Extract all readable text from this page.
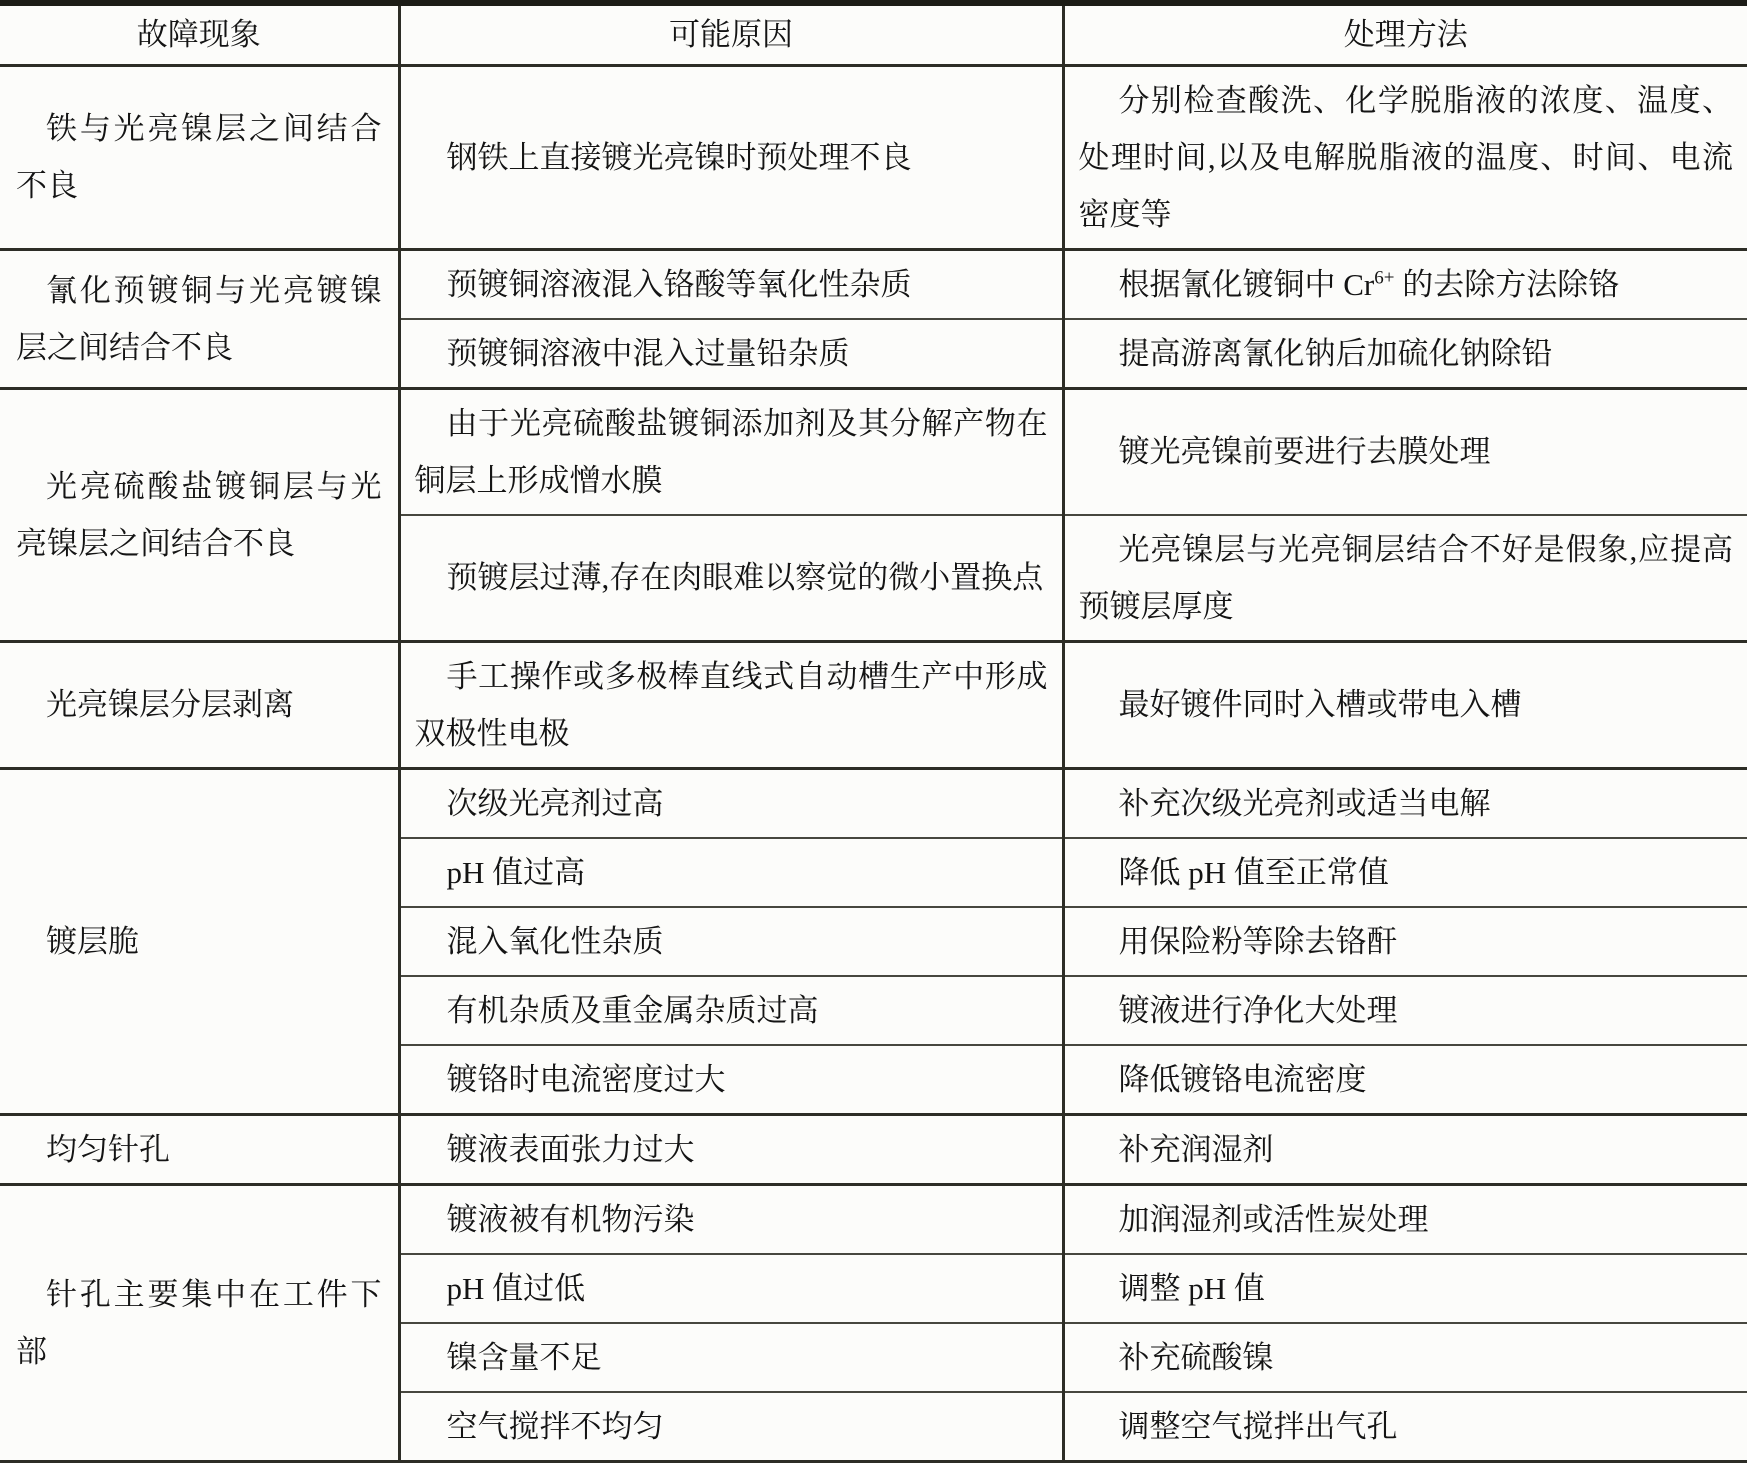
故障现象	可能原因	处理方法
铁与光亮镍层之间结合不良	钢铁上直接镀光亮镍时预处理不良	分别检查酸洗、化学脱脂液的浓度、温度、处理时间,以及电解脱脂液的温度、时间、电流密度等
氰化预镀铜与光亮镀镍层之间结合不良	预镀铜溶液混入铬酸等氧化性杂质	根据氰化镀铜中 $Cr^{6+}$ 的去除方法除铬
	预镀铜溶液中混入过量铅杂质	提高游离氰化钠后加硫化钠除铅
光亮硫酸盐镀铜层与光亮镍层之间结合不良	由于光亮硫酸盐镀铜添加剂及其分解产物在铜层上形成憎水膜	镀光亮镍前要进行去膜处理
	预镀层过薄,存在肉眼难以察觉的微小置换点	光亮镍层与光亮铜层结合不好是假象,应提高预镀层厚度
光亮镍层分层剥离	手工操作或多极棒直线式自动槽生产中形成双极性电极	最好镀件同时入槽或带电入槽
镀层脆	次级光亮剂过高	补充次级光亮剂或适当电解
	pH 值过高	降低 pH 值至正常值
	混入氧化性杂质	用保险粉等除去铬酐
	有机杂质及重金属杂质过高	镀液进行净化大处理
	镀铬时电流密度过大	降低镀铬电流密度
均匀针孔	镀液表面张力过大	补充润湿剂
针孔主要集中在工件下部	镀液被有机物污染	加润湿剂或活性炭处理
	pH 值过低	调整 pH 值
	镍含量不足	补充硫酸镍
	空气搅拌不均匀	调整空气搅拌出气孔
